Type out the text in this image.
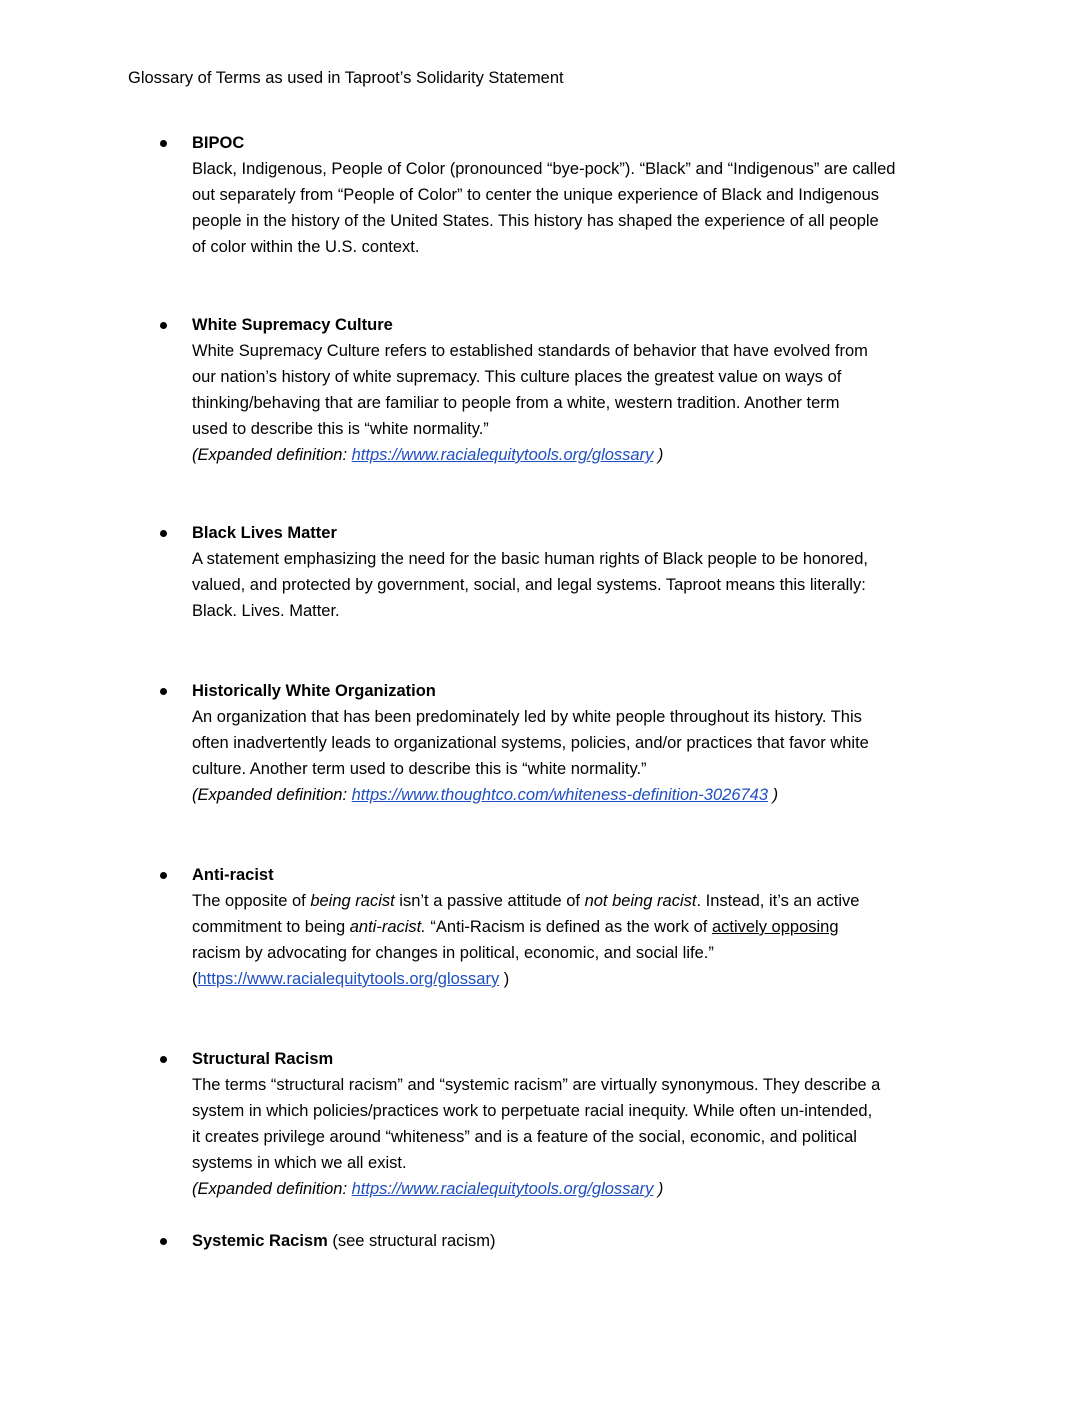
Glossary of Terms as used in Taproot’s Solidarity Statement
BIPOC
Black, Indigenous, People of Color (pronounced “bye-pock”). “Black” and “Indigenous” are called
out separately from “People of Color” to center the unique experience of Black and Indigenous
people in the history of the United States. This history has shaped the experience of all people
of color within the U.S. context.
White Supremacy Culture
White Supremacy Culture refers to established standards of behavior that have evolved from
our nation’s history of white supremacy. This culture places the greatest value on ways of
thinking/behaving that are familiar to people from a white, western tradition. Another term
used to describe this is “white normality.”
(Expanded definition: https://www.racialequitytools.org/glossary )
Black Lives Matter
A statement emphasizing the need for the basic human rights of Black people to be honored,
valued, and protected by government, social, and legal systems. Taproot means this literally:
Black. Lives. Matter.
Historically White Organization
An organization that has been predominately led by white people throughout its history. This
often inadvertently leads to organizational systems, policies, and/or practices that favor white
culture. Another term used to describe this is “white normality.”
(Expanded definition: https://www.thoughtco.com/whiteness-definition-3026743 )
Anti-racist
The opposite of being racist isn’t a passive attitude of not being racist. Instead, it’s an active
commitment to being anti-racist. “Anti-Racism is defined as the work of actively opposing
racism by advocating for changes in political, economic, and social life.”
(https://www.racialequitytools.org/glossary )
Structural Racism
The terms “structural racism” and “systemic racism” are virtually synonymous. They describe a
system in which policies/practices work to perpetuate racial inequity. While often un-intended,
it creates privilege around “whiteness” and is a feature of the social, economic, and political
systems in which we all exist.
(Expanded definition: https://www.racialequitytools.org/glossary )
Systemic Racism (see structural racism)
